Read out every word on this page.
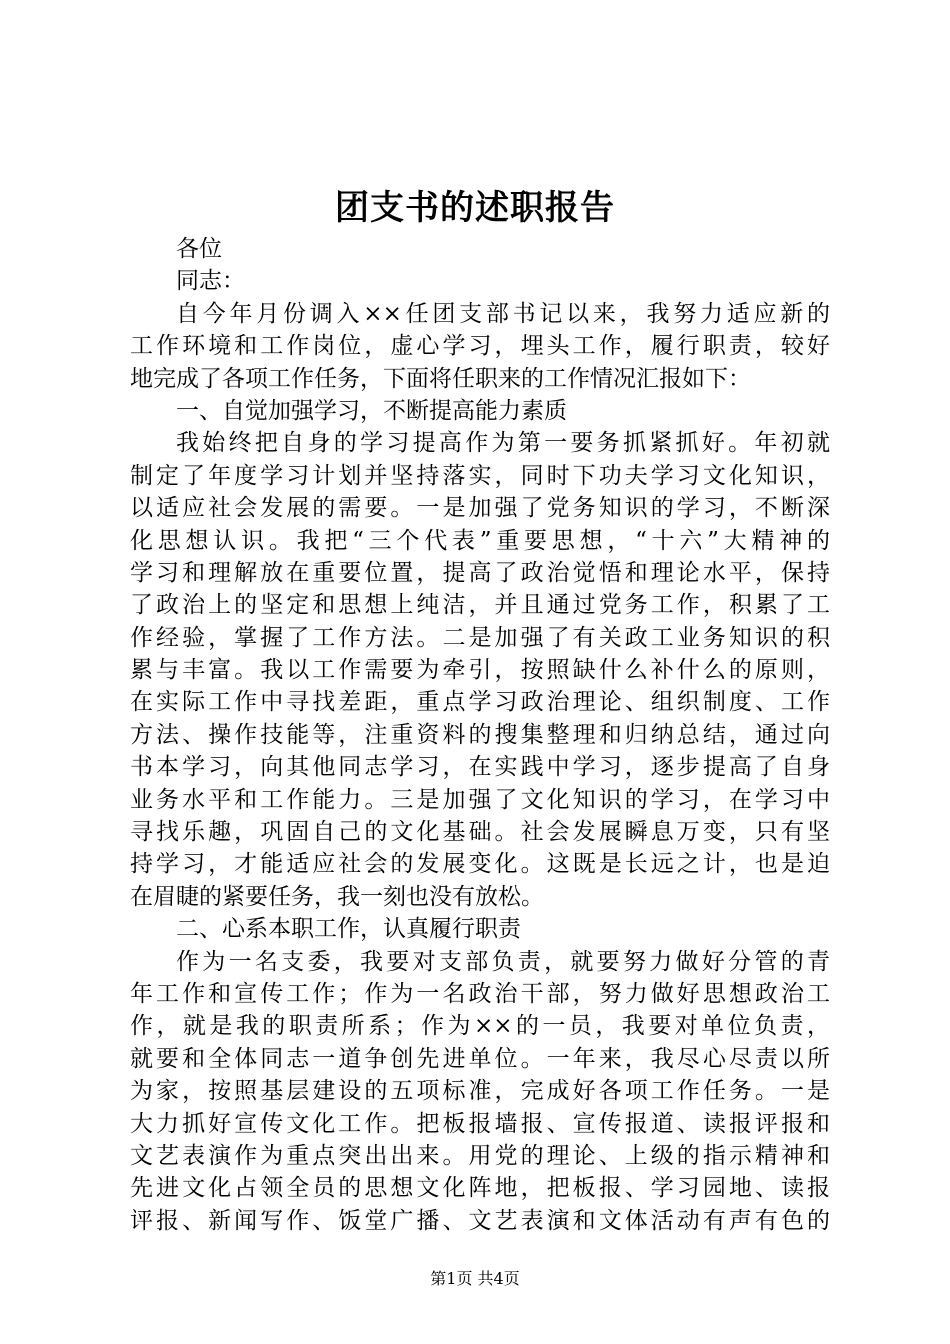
团支书的述职报告
各位
同志：
自今年月份调入××任团支部书记以来，我努力适应新的
工作环境和工作岗位，虚心学习，埋头工作，履行职责，较好
地完成了各项工作任务，下面将任职来的工作情况汇报如下：
一、自觉加强学习，不断提高能力素质
我始终把自身的学习提高作为第一要务抓紧抓好。年初就
制定了年度学习计划并坚持落实，同时下功夫学习文化知识，
以适应社会发展的需要。一是加强了党务知识的学习，不断深
化思想认识。我把“三个代表”重要思想，“十六”大精神的
学习和理解放在重要位置，提高了政治觉悟和理论水平，保持
了政治上的坚定和思想上纯洁，并且通过党务工作，积累了工
作经验，掌握了工作方法。二是加强了有关政工业务知识的积
累与丰富。我以工作需要为牵引，按照缺什么补什么的原则，
在实际工作中寻找差距，重点学习政治理论、组织制度、工作
方法、操作技能等，注重资料的搜集整理和归纳总结，通过向
书本学习，向其他同志学习，在实践中学习，逐步提高了自身
业务水平和工作能力。三是加强了文化知识的学习，在学习中
寻找乐趣，巩固自己的文化基础。社会发展瞬息万变，只有坚
持学习，才能适应社会的发展变化。这既是长远之计，也是迫
在眉睫的紧要任务，我一刻也没有放松。
二、心系本职工作，认真履行职责
作为一名支委，我要对支部负责，就要努力做好分管的青
年工作和宣传工作；作为一名政治干部，努力做好思想政治工
作，就是我的职责所系；作为××的一员，我要对单位负责，
就要和全体同志一道争创先进单位。一年来，我尽心尽责以所
为家，按照基层建设的五项标准，完成好各项工作任务。一是
大力抓好宣传文化工作。把板报墙报、宣传报道、读报评报和
文艺表演作为重点突出出来。用党的理论、上级的指示精神和
先进文化占领全员的思想文化阵地，把板报、学习园地、读报
评报、新闻写作、饭堂广播、文艺表演和文体活动有声有色的
第1页 共4页
